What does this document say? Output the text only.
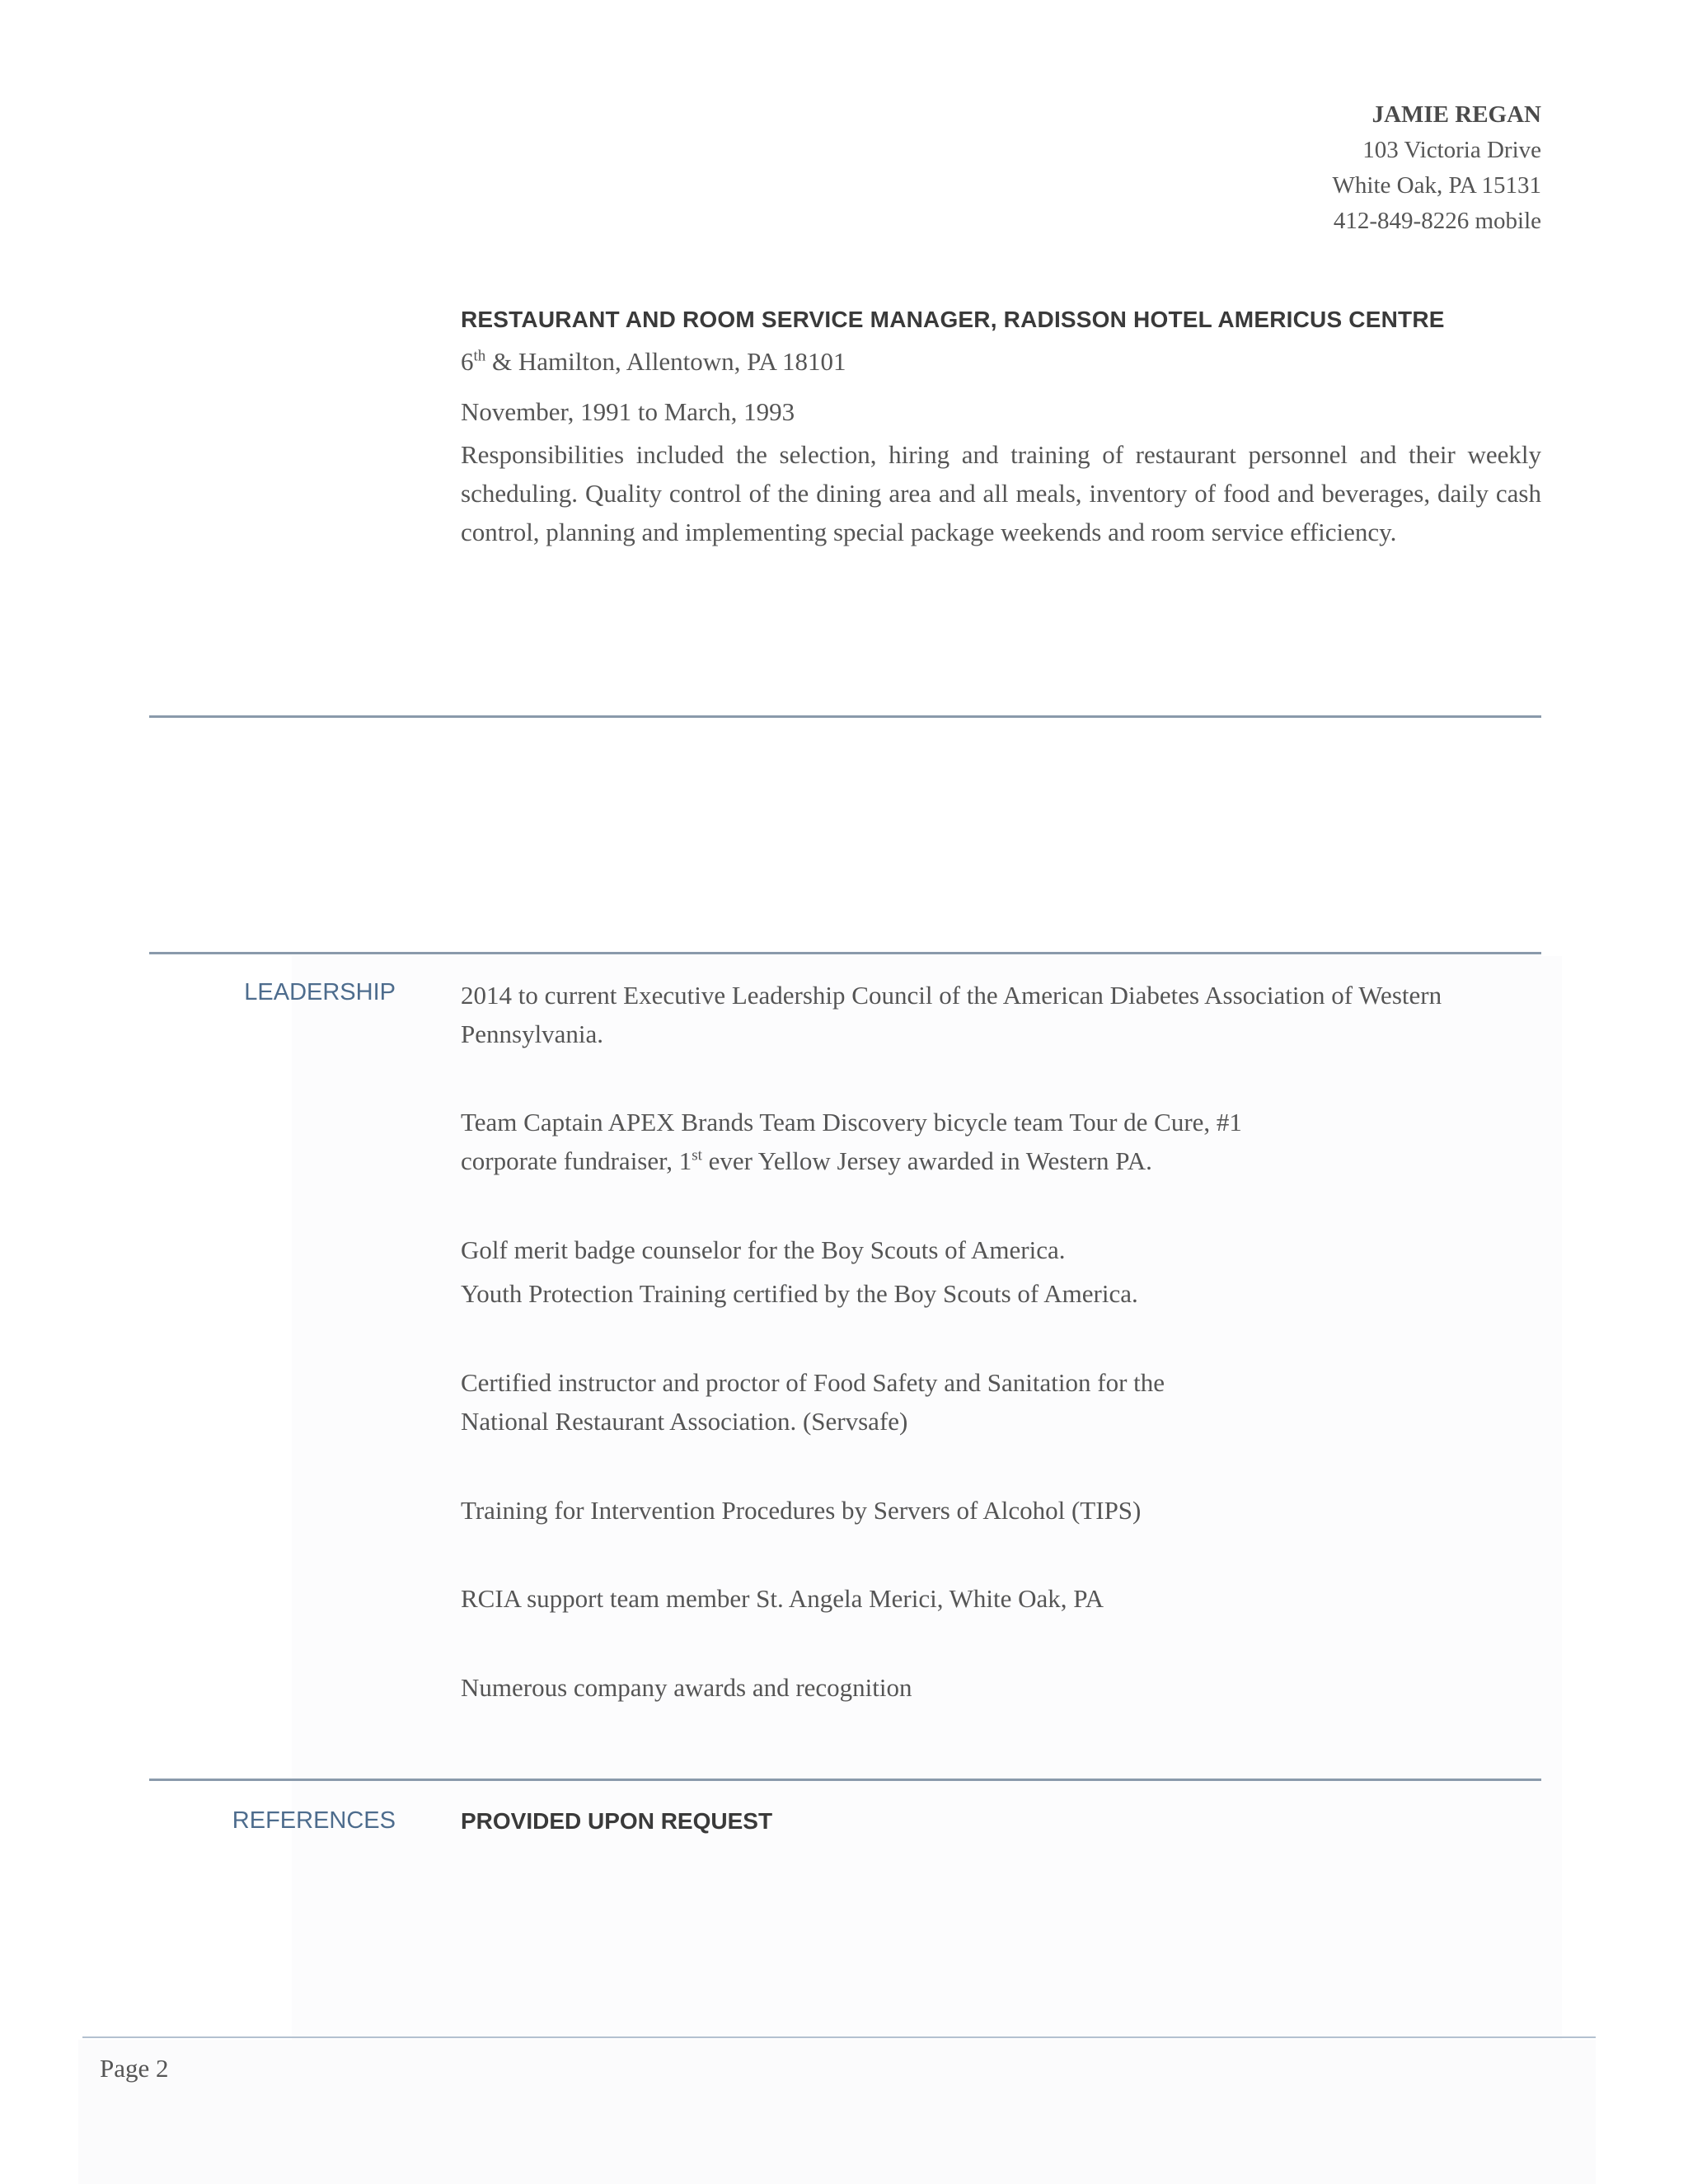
JAMIE REGAN
103 Victoria Drive
White Oak, PA 15131
412-849-8226 mobile
RESTAURANT AND ROOM SERVICE MANAGER, RADISSON HOTEL AMERICUS CENTRE
6th & Hamilton, Allentown, PA 18101
November, 1991 to March, 1993
Responsibilities included the selection, hiring and training of restaurant personnel and their weekly scheduling. Quality control of the dining area and all meals, inventory of food and beverages, daily cash control, planning and implementing special package weekends and room service efficiency.
LEADERSHIP	2014 to current Executive Leadership Council of the American Diabetes Association of Western Pennsylvania.
Team Captain APEX Brands Team Discovery bicycle team Tour de Cure, #1
corporate fundraiser, 1st ever Yellow Jersey awarded in Western PA.
Golf merit badge counselor for the Boy Scouts of America.
Youth Protection Training certified by the Boy Scouts of America.
Certified instructor and proctor of Food Safety and Sanitation for the
National Restaurant Association. (Servsafe)
Training for Intervention Procedures by Servers of Alcohol (TIPS)
RCIA support team member St. Angela Merici, White Oak, PA
Numerous company awards and recognition
REFERENCES	PROVIDED UPON REQUEST
Page 2
